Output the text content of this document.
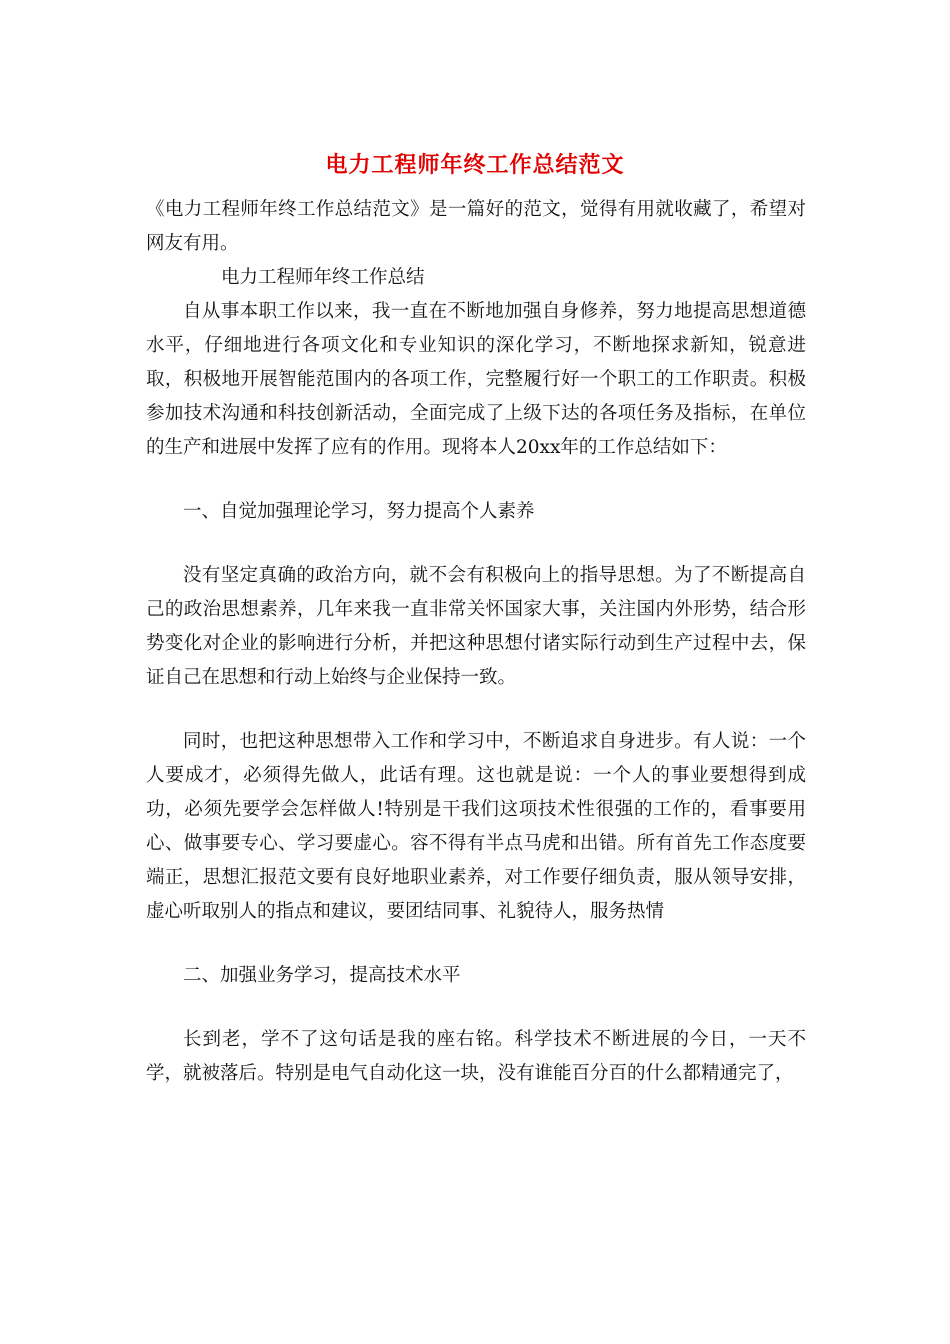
电力工程师年终工作总结范文

《电力工程师年终工作总结范文》是一篇好的范文，觉得有用就收藏了，希望对网友有用。

电力工程师年终工作总结

自从事本职工作以来，我一直在不断地加强自身修养，努力地提高思想道德水平，仔细地进行各项文化和专业知识的深化学习，不断地探求新知，锐意进取，积极地开展智能范围内的各项工作，完整履行好一个职工的工作职责。积极参加技术沟通和科技创新活动，全面完成了上级下达的各项任务及指标，在单位的生产和进展中发挥了应有的作用。现将本人20xx年的工作总结如下：

一、自觉加强理论学习，努力提高个人素养

没有坚定真确的政治方向，就不会有积极向上的指导思想。为了不断提高自己的政治思想素养，几年来我一直非常关怀国家大事，关注国内外形势，结合形势变化对企业的影响进行分析，并把这种思想付诸实际行动到生产过程中去，保证自己在思想和行动上始终与企业保持一致。

同时，也把这种思想带入工作和学习中，不断追求自身进步。有人说：一个人要成才，必须得先做人，此话有理。这也就是说：一个人的事业要想得到成功，必须先要学会怎样做人!特别是干我们这项技术性很强的工作的，看事要用心、做事要专心、学习要虚心。容不得有半点马虎和出错。所有首先工作态度要端正，思想汇报范文要有良好地职业素养，对工作要仔细负责，服从领导安排，虚心听取别人的指点和建议，要团结同事、礼貌待人，服务热情

二、加强业务学习，提高技术水平

长到老，学不了这句话是我的座右铭。科学技术不断进展的今日，一天不学，就被落后。特别是电气自动化这一块，没有谁能百分百的什么都精通完了，
